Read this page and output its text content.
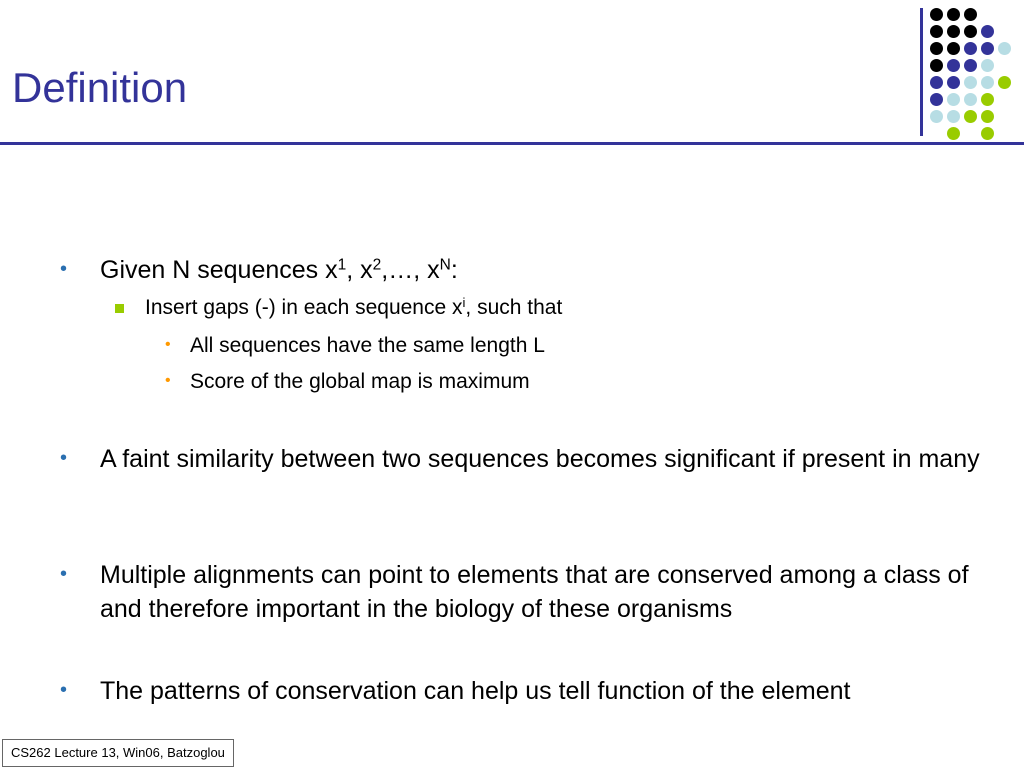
Definition
• Given N sequences $x^1$, $x^2,\dots$, $x^N$:
Insert gaps (-) in each sequence $x^i$, such that
• All sequences have the same length L
• Score of the global map is maximum
• A faint similarity between two sequences becomes significant if present in many
• Multiple alignments can point to elements that are conserved among a class of and therefore important in the biology of these organisms
• The patterns of conservation can help us tell function of the element
CS262 Lecture 13, Win06, Batzoglou
